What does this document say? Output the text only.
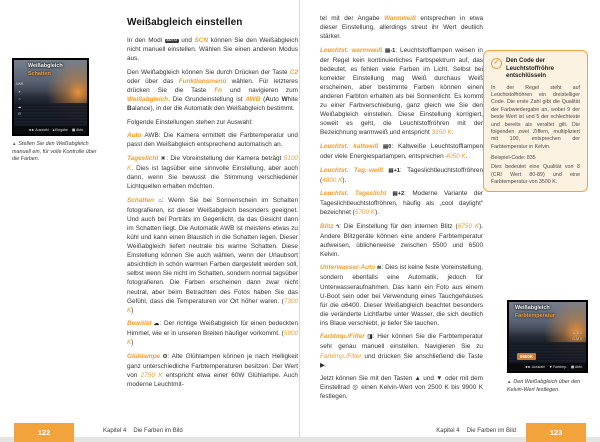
AWB
☀
⌂
☁
ʘ
Weißabgleich
Schatten
◄►Auswahl ●Eingabe ▦Abbr.
▲ Stellen Sie den Weißabgleich manuell ein, für volle Kontrolle über die Farben.
Weißabgleich einstellen

In den Modi AUTO und SCN können Sie den Weißabgleich nicht manuell einstellen. Wählen Sie einen anderen Modus aus.

Den Weißabgleich können Sie durch Drücken der Taste C2 oder über das Funktionsmenü wählen. Für letzteres drücken Sie die Taste Fn und navigieren zum Weißabgleich. Die Grundeinstellung ist AWB (Auto White Balance), in der die Automatik den Weißabgleich bestimmt.

Folgende Einstellungen stehen zur Auswahl:

Auto AWB: Die Kamera ermittelt die Farbtemperatur und passt den Weißabgleich entsprechend automatisch an.

Tageslicht ☀: Die Voreinstellung der Kamera beträgt 5100 K. Dies ist tagsüber eine sinnvolle Einstellung, aber auch dann, wenn Sie bewusst die Stimmung verschiedener Lichtquellen erhalten möchten.

Schatten ⌂: Wenn Sie bei Sonnenschein im Schatten fotografieren, ist dieser Weißabgleich besonders geeignet. Und auch bei Porträts im Gegenlicht, da das Gesicht dann im Schatten liegt. Die Automatik AWB ist meistens etwas zu kühl und kann einen Blaustich in die Schatten legen. Dieser Weißabgleich liefert neutrale bis warme Schatten. Diese Einstellung können Sie auch wählen, wenn der Urlaubsort absichtlich in schön warmen Farben dargestellt werden soll, selbst wenn Sie nicht im Schatten, sondern normal tagsüber fotografieren. Die Farben erscheinen dann zwar nicht neutral, aber beim Betrachten des Fotos haben Sie das Gefühl, dass die Temperaturen vor Ort höher waren. (7300 K)

Bewölkt ☁: Der richtige Weißabgleich für einen bedeckten Himmel, wie er in unseren Breiten häufiger vorkommt. (5900 K)

Glühlampe ʘ: Alte Glühlampen können je nach Helligkeit ganz unterschiedliche Farbtemperaturen besitzen. Der Wert von 2750 K entspricht etwa einer 60W Glühlampe. Auch moderne Leuchtmit-

tel mit der Angabe Warmweiß entsprechen in etwa dieser Einstellung, allerdings streut ihr Wert deutlich stärker.

Leuchtst. warmweiß ▤-1: Leuchtstofflampen weisen in der Regel kein kontinuierliches Farbspektrum auf, das bedeutet, es fehlen viele Farben im Licht. Selbst bei korrekter Einstellung mag Weiß durchaus Weiß erscheinen, aber bestimmte Farben können einen anderen Farbton erhalten als bei Sonnenlicht. Es kommt zu einer Farbverschiebung, ganz gleich wie Sie den Weißabgleich einstellen. Diese Einstellung korrigiert, soweit es geht, die Leuchtstoffröhren mit der Bezeichnung warmweiß und entspricht 3150 K.

Leuchtst. kaltweiß ▤0: Kaltweiße Leuchtstofflampen oder viele Energiesparlampen, entsprechen 4050 K.

Leuchtst. Tag.-weiß ▤+1: Tageslichtleuchtstoffröhren (4800 K).

Leuchtst. Tageslicht ▤+2: Moderne Variante der Tageslichtleuchtstoffröhren, häufig als „cool daylight“ bezeichnet (5700 K).

Blitz ϟ: Die Einstellung für den internen Blitz (6750 K). Andere Blitzgeräte können eine andere Farbtemperatur aufweisen, üblicherweise zwischen 5500 und 6500 Kelvin.

Unterwasser-Auto ≋: Dies ist keine feste Voreinstellung, sondern ebenfalls eine Automatik, jedoch für Unterwasseraufnahmen. Das kann ein Foto aus einem U-Boot sein oder bei Verwendung eines Tauchgehäuses für die α6400. Dieser Weißabgleich beachtet besonders die veränderte Lichtfarbe unter Wasser, die sich deutlich ins Blaue verschiebt, je tiefer Sie tauchen.

Farbtmp./Filter ◨: Hier können Sie die Farbtemperatur sehr genau manuell einstellen. Navigieren Sie zu Farbtmp./Filter und drücken Sie anschließend die Taste ▶.

Jetzt können Sie mit den Tasten ▲ und ▼ oder mit dem Einstellrad ◎ einen Kelvin-Wert von 2500 K bis 9900 K festlegen.

✓	Den Code der Leuchtstoffröhre entschlüsseln

In der Regel steht auf Leuchtstoffröhren ein dreistelliger Code. Die erste Zahl gibt die Qualität der Farbwiedergabe an, wobei 9 der beste Wert ist und 5 der schlechteste und bereits als veraltet gilt. Die folgenden zwei Ziffern, multipliziert mit 100, entsprechen der Farbtemperatur in Kelvin.

Beispiel-Code: 835

Dies bedeutet eine Qualität von 8 (CRI Wert 80-89) und eine Farbtemperatur von 3500 K.

Weißabgleich
Farbtemperatur
A-B 0
G-M 0
5500K
◄►Auswahl ▼Farbtmp. ▦Abbr.
▲ Den Weißabgleich über den Kelvin-Wert festlegen.
122	Kapitel 4 Die Farben im Bild	Kapitel 4 Die Farben im Bild	123
